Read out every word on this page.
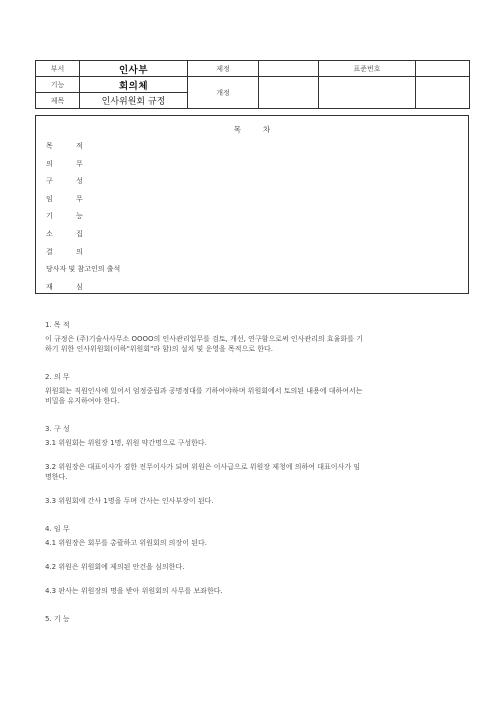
부서	인사부	제정		표준번호	
기능	회의체	개정			
제목	인사위원회 규정				
목차
목	적
의	무
구	성
임	무
기	능
소	집
결	의
당사자 및 참고인의 출석
재	심
1. 목 적

이 규정은 (주)기술사사무소 OOOO의 인사관리업무를 검토, 개선, 연구함으로써 인사관리의 효율화를 기

하기 위한 인사위원회(이하"위원회"라 함)의 설치 및 운영을 목적으로 한다.

2. 의 무

위원회는 직원인사에 있어서 엄정중립과 공명정대를 기하여야하며 위원회에서 토의된 내용에 대하여서는

비밀을 유지하여야 한다.

3. 구 성

3.1 위원회는 위원장 1명, 위원 약간명으로 구성한다.

3.2 위원장은 대표이사가 겸한 전무이사가 되며 위원은 이사급으로 위원장 제청에 의하여 대표이사가 임

명한다.

3.3 위원회에 간사 1명을 두며 간사는 인사부장이 된다.

4. 임 무

4.1 위원장은 회무를 총괄하고 위원회의 의장이 된다.

4.2 위원은 위원회에 제의된 안건을 심의한다.

4.3 판사는 위원장의 명을 받아 위원회의 사무를 보좌한다.

5. 기 능
